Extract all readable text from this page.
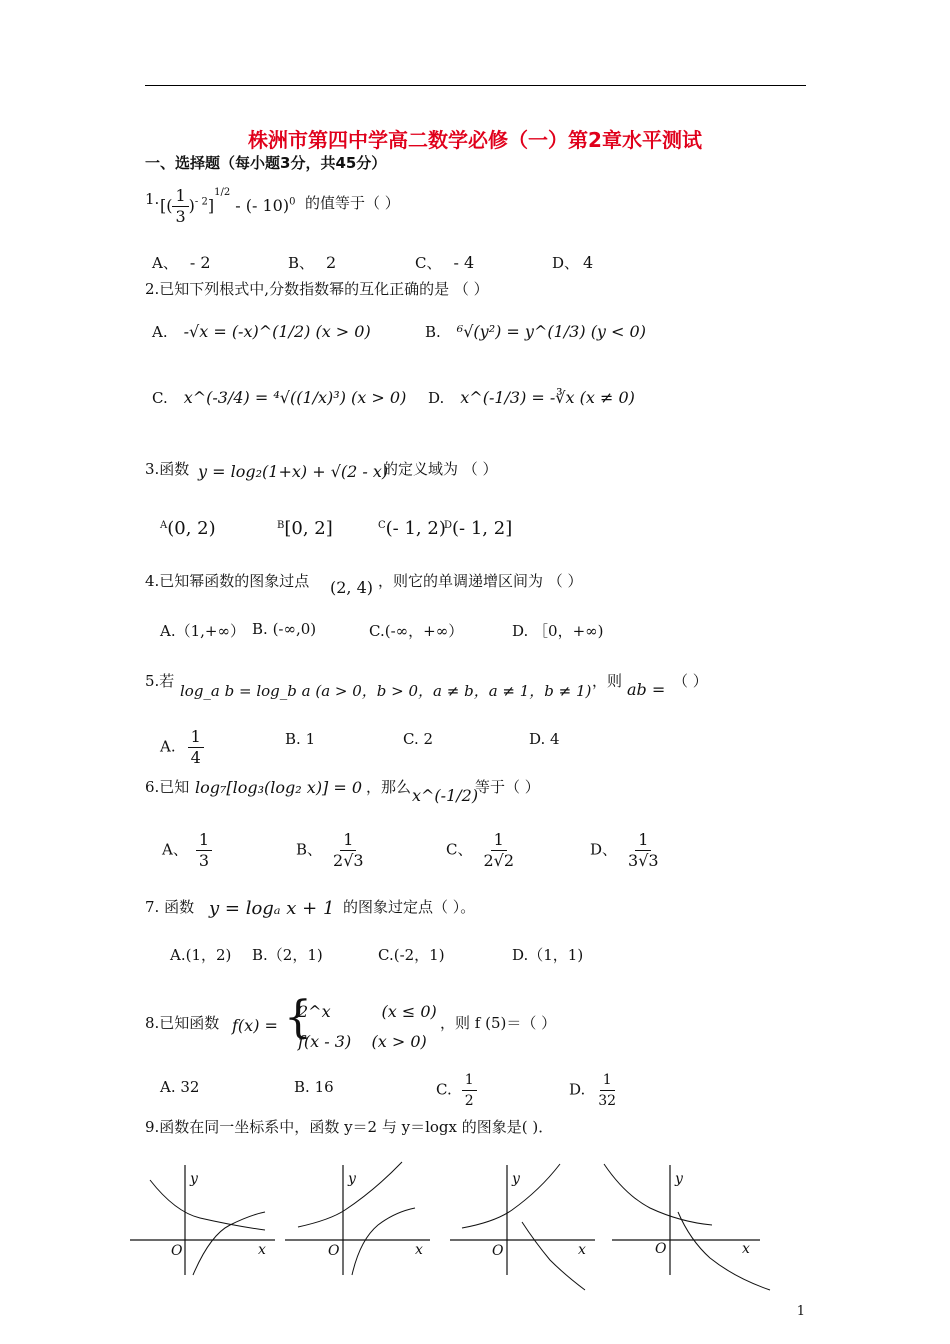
株洲市第四中学高二数学必修（一）第2章水平测试
一、选择题（每小题3分，共45分）
1. [( $\frac{1}{3} )^{- 2}]^{1/2}$ - (- 10)$^0$ 的值等于（ ）
A、 - 2	B、 2	C、 - 4	D、 4
2.已知下列根式中,分数指数幂的互化正确的是 （ ）
A. -√x = (-x)^(1/2) (x > 0)	B. ⁶√(y²) = y^(1/3) (y < 0)
C. x^(-3/4) = ⁴√((1/x)³) (x > 0) D. x^(-1/3) = -∛x (x ≠ 0)
3.函数 y = log₂(1+x) + √(2 - x)
的定义域为 （ ）
$^A$(0, 2)	$^B$[0, 2]	$^C$(- 1, 2)
$^D$(- 1, 2]
4.已知幂函数的图象过点 (2, 4) ，则它的单调递增区间为 （ ）
A.（1,+∞） B. (-∞,0)	C.(-∞，+∞）	D. ［0，+∞)
5.若
log_a b = log_b a (a > 0，b > 0，a ≠ b，a ≠ 1，b ≠ 1)
，则 ab = （ ）
A. $\frac{1}{4}$	B. 1	C. 2	D. 4
6.已知 log₇[log₃(log₂ x)] = 0 ，那么 x^(-1/2)
等于（ ）
A、 $\frac{1}{3}$	B、 $\frac{1}{2√3}$	C、 $\frac{1}{2√2}$	D、 $\frac{1}{3√3}$
7. 函数 y = logₐ x + 1 的图象过定点（ ）。
A.(1，2) B.（2，1)	C.(-2，1)	D.（1，1)
8.已知函数 f(x) = {
2^x          (x ≤ 0)
f(x - 3)    (x > 0)
，则 f (5)＝（ ）
A. 32	B. 16	C. $\frac{1}{2}$	D. $\frac{1}{32}$
9.函数在同一坐标系中，函数 y＝2 与 y＝logx 的图象是( )．
y
O	x
y
O	x
y
O	x
y
O	x
1
